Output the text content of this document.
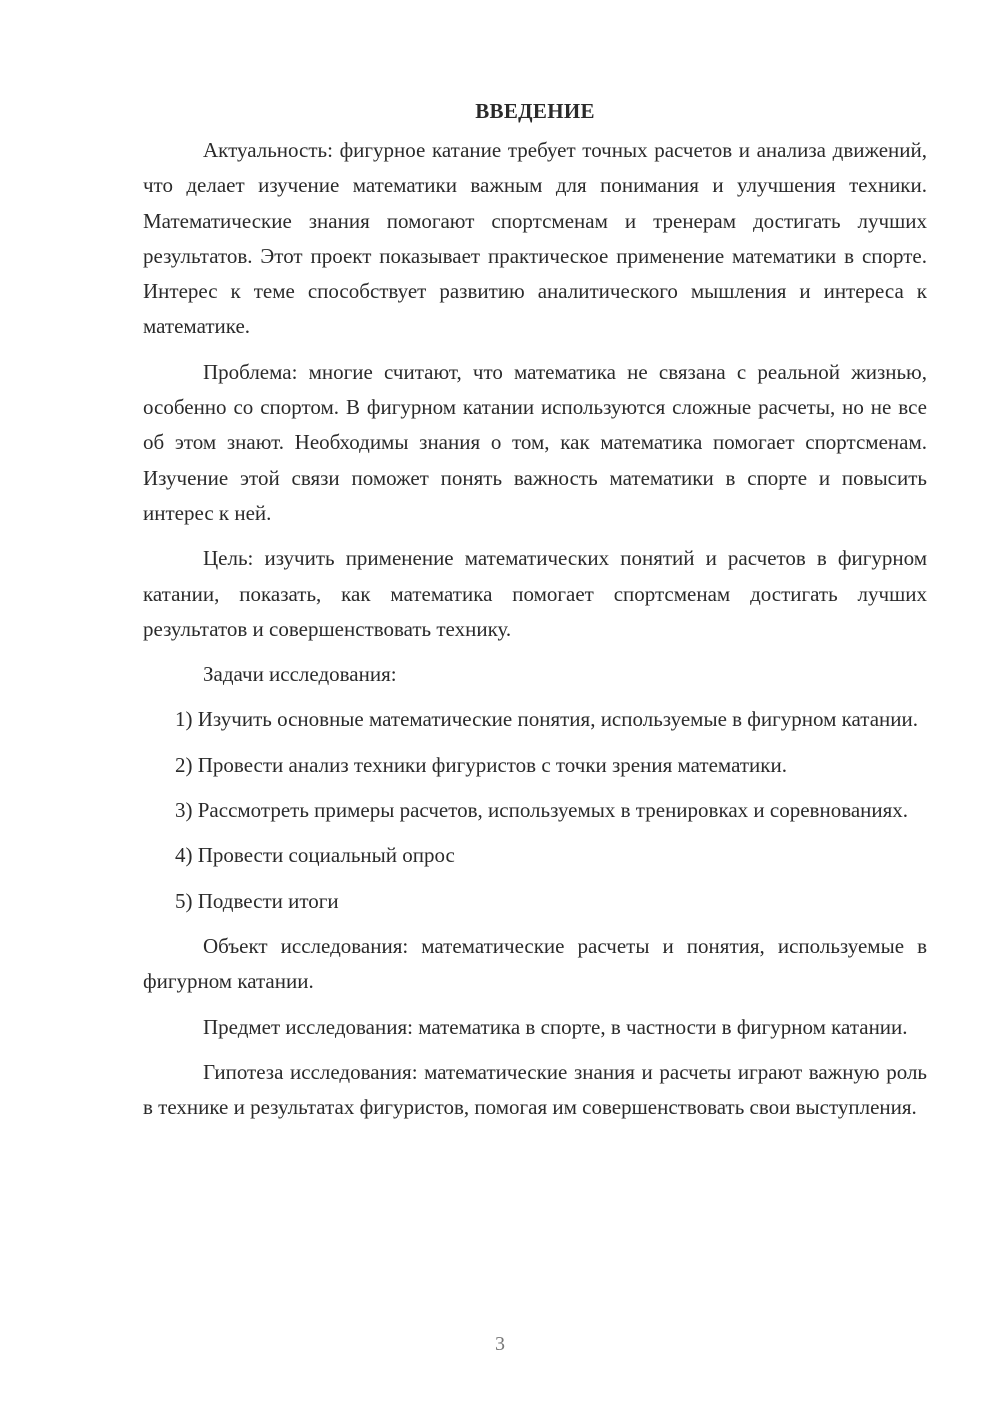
ВВЕДЕНИЕ

Актуальность: фигурное катание требует точных расчетов и анализа движений, что делает изучение математики важным для понимания и улучшения техники. Математические знания помогают спортсменам и тренерам достигать лучших результатов. Этот проект показывает практическое применение математики в спорте. Интерес к теме способствует развитию аналитического мышления и интереса к математике.

Проблема: многие считают, что математика не связана с реальной жизнью, особенно со спортом. В фигурном катании используются сложные расчеты, но не все об этом знают. Необходимы знания о том, как математика помогает спортсменам. Изучение этой связи поможет понять важность математики в спорте и повысить интерес к ней.

Цель: изучить применение математических понятий и расчетов в фигурном катании, показать, как математика помогает спортсменам достигать лучших результатов и совершенствовать технику.

Задачи исследования:

1) Изучить основные математические понятия, используемые в фигурном катании.

2) Провести анализ техники фигуристов с точки зрения математики.

3) Рассмотреть примеры расчетов, используемых в тренировках и соревнованиях.

4) Провести социальный опрос

5) Подвести итоги

Объект исследования: математические расчеты и понятия, используемые в фигурном катании.

Предмет исследования: математика в спорте, в частности в фигурном катании.

Гипотеза исследования: математические знания и расчеты играют важную роль в технике и результатах фигуристов, помогая им совершенствовать свои выступления.

3
